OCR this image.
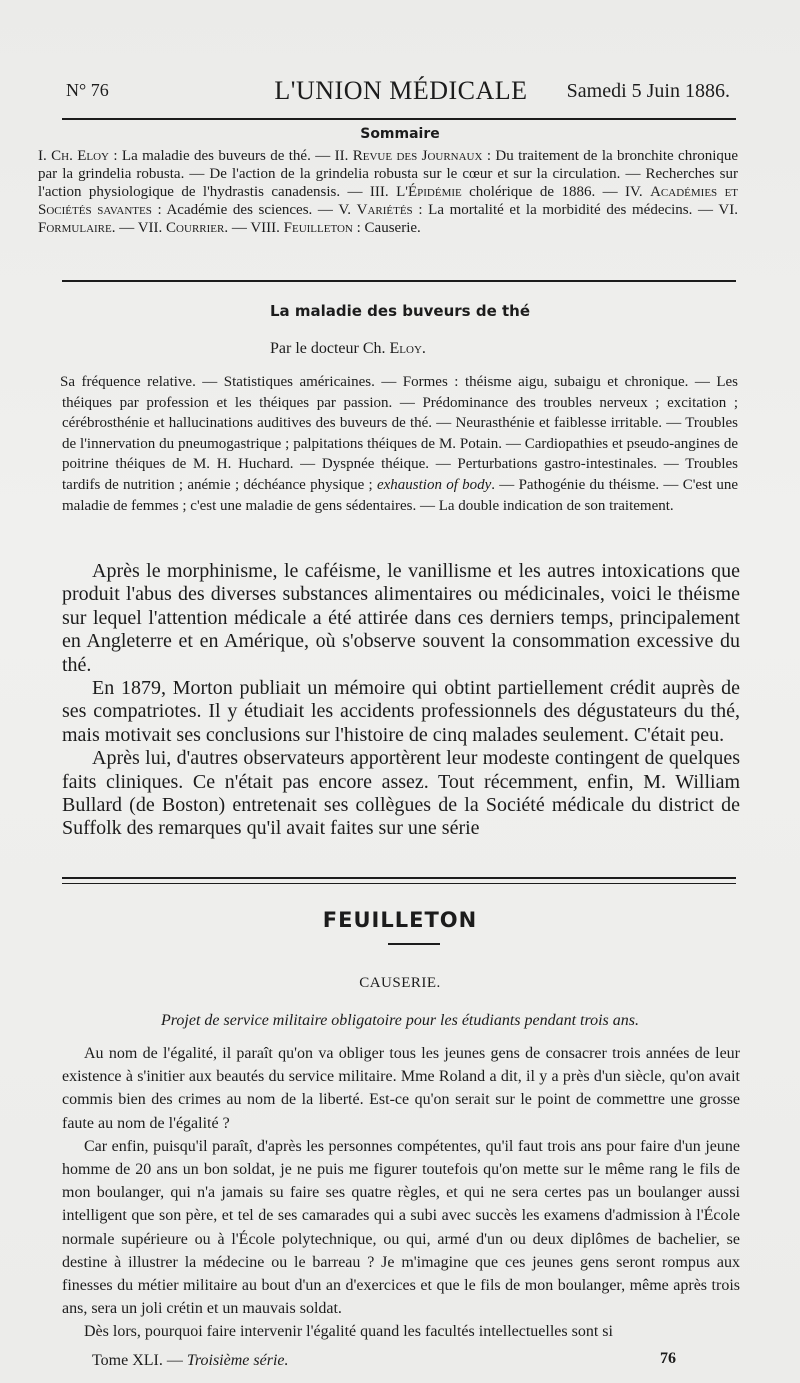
N° 76	L'UNION MÉDICALE	Samedi 5 Juin 1886.
Sommaire
I. Ch. Eloy : La maladie des buveurs de thé. — II. Revue des Journaux : Du traitement de la bronchite chronique par la grindelia robusta. — De l'action de la grindelia robusta sur le cœur et sur la circulation. — Recherches sur l'action physiologique de l'hydrastis canadensis. — III. L'Épidémie cholérique de 1886. — IV. Académies et Sociétés savantes : Académie des sciences. — V. Variétés : La mortalité et la morbidité des médecins. — VI. Formulaire. — VII. Courrier. — VIII. Feuilleton : Causerie.
La maladie des buveurs de thé
Par le docteur Ch. Eloy.
Sa fréquence relative. — Statistiques américaines. — Formes : théisme aigu, subaigu et chronique. — Les théiques par profession et les théiques par passion. — Prédominance des troubles nerveux ; excitation ; cérébrosthénie et hallucinations auditives des buveurs de thé. — Neurasthénie et faiblesse irritable. — Troubles de l'innervation du pneumogastrique ; palpitations théiques de M. Potain. — Cardiopathies et pseudo-angines de poitrine théiques de M. H. Huchard. — Dyspnée théique. — Perturbations gastro-intestinales. — Troubles tardifs de nutrition ; anémie ; déchéance physique ; exhaustion of body. — Pathogénie du théisme. — C'est une maladie de femmes ; c'est une maladie de gens sédentaires. — La double indication de son traitement.

Après le morphinisme, le caféisme, le vanillisme et les autres intoxications que produit l'abus des diverses substances alimentaires ou médicinales, voici le théisme sur lequel l'attention médicale a été attirée dans ces derniers temps, principalement en Angleterre et en Amérique, où s'observe souvent la consommation excessive du thé.

En 1879, Morton publiait un mémoire qui obtint partiellement crédit auprès de ses compatriotes. Il y étudiait les accidents professionnels des dégustateurs du thé, mais motivait ses conclusions sur l'histoire de cinq malades seulement. C'était peu.

Après lui, d'autres observateurs apportèrent leur modeste contingent de quelques faits cliniques. Ce n'était pas encore assez. Tout récemment, enfin, M. William Bullard (de Boston) entretenait ses collègues de la Société médicale du district de Suffolk des remarques qu'il avait faites sur une série

FEUILLETON
CAUSERIE.
Projet de service militaire obligatoire pour les étudiants pendant trois ans.

Au nom de l'égalité, il paraît qu'on va obliger tous les jeunes gens de consacrer trois années de leur existence à s'initier aux beautés du service militaire. Mme Roland a dit, il y a près d'un siècle, qu'on avait commis bien des crimes au nom de la liberté. Est-ce qu'on serait sur le point de commettre une grosse faute au nom de l'égalité ?

Car enfin, puisqu'il paraît, d'après les personnes compétentes, qu'il faut trois ans pour faire d'un jeune homme de 20 ans un bon soldat, je ne puis me figurer toutefois qu'on mette sur le même rang le fils de mon boulanger, qui n'a jamais su faire ses quatre règles, et qui ne sera certes pas un boulanger aussi intelligent que son père, et tel de ses camarades qui a subi avec succès les examens d'admission à l'École normale supérieure ou à l'École polytechnique, ou qui, armé d'un ou deux diplômes de bachelier, se destine à illustrer la médecine ou le barreau ? Je m'imagine que ces jeunes gens seront rompus aux finesses du métier militaire au bout d'un an d'exercices et que le fils de mon boulanger, même après trois ans, sera un joli crétin et un mauvais soldat.

Dès lors, pourquoi faire intervenir l'égalité quand les facultés intellectuelles sont si

Tome XLI. — Troisième série.	76
